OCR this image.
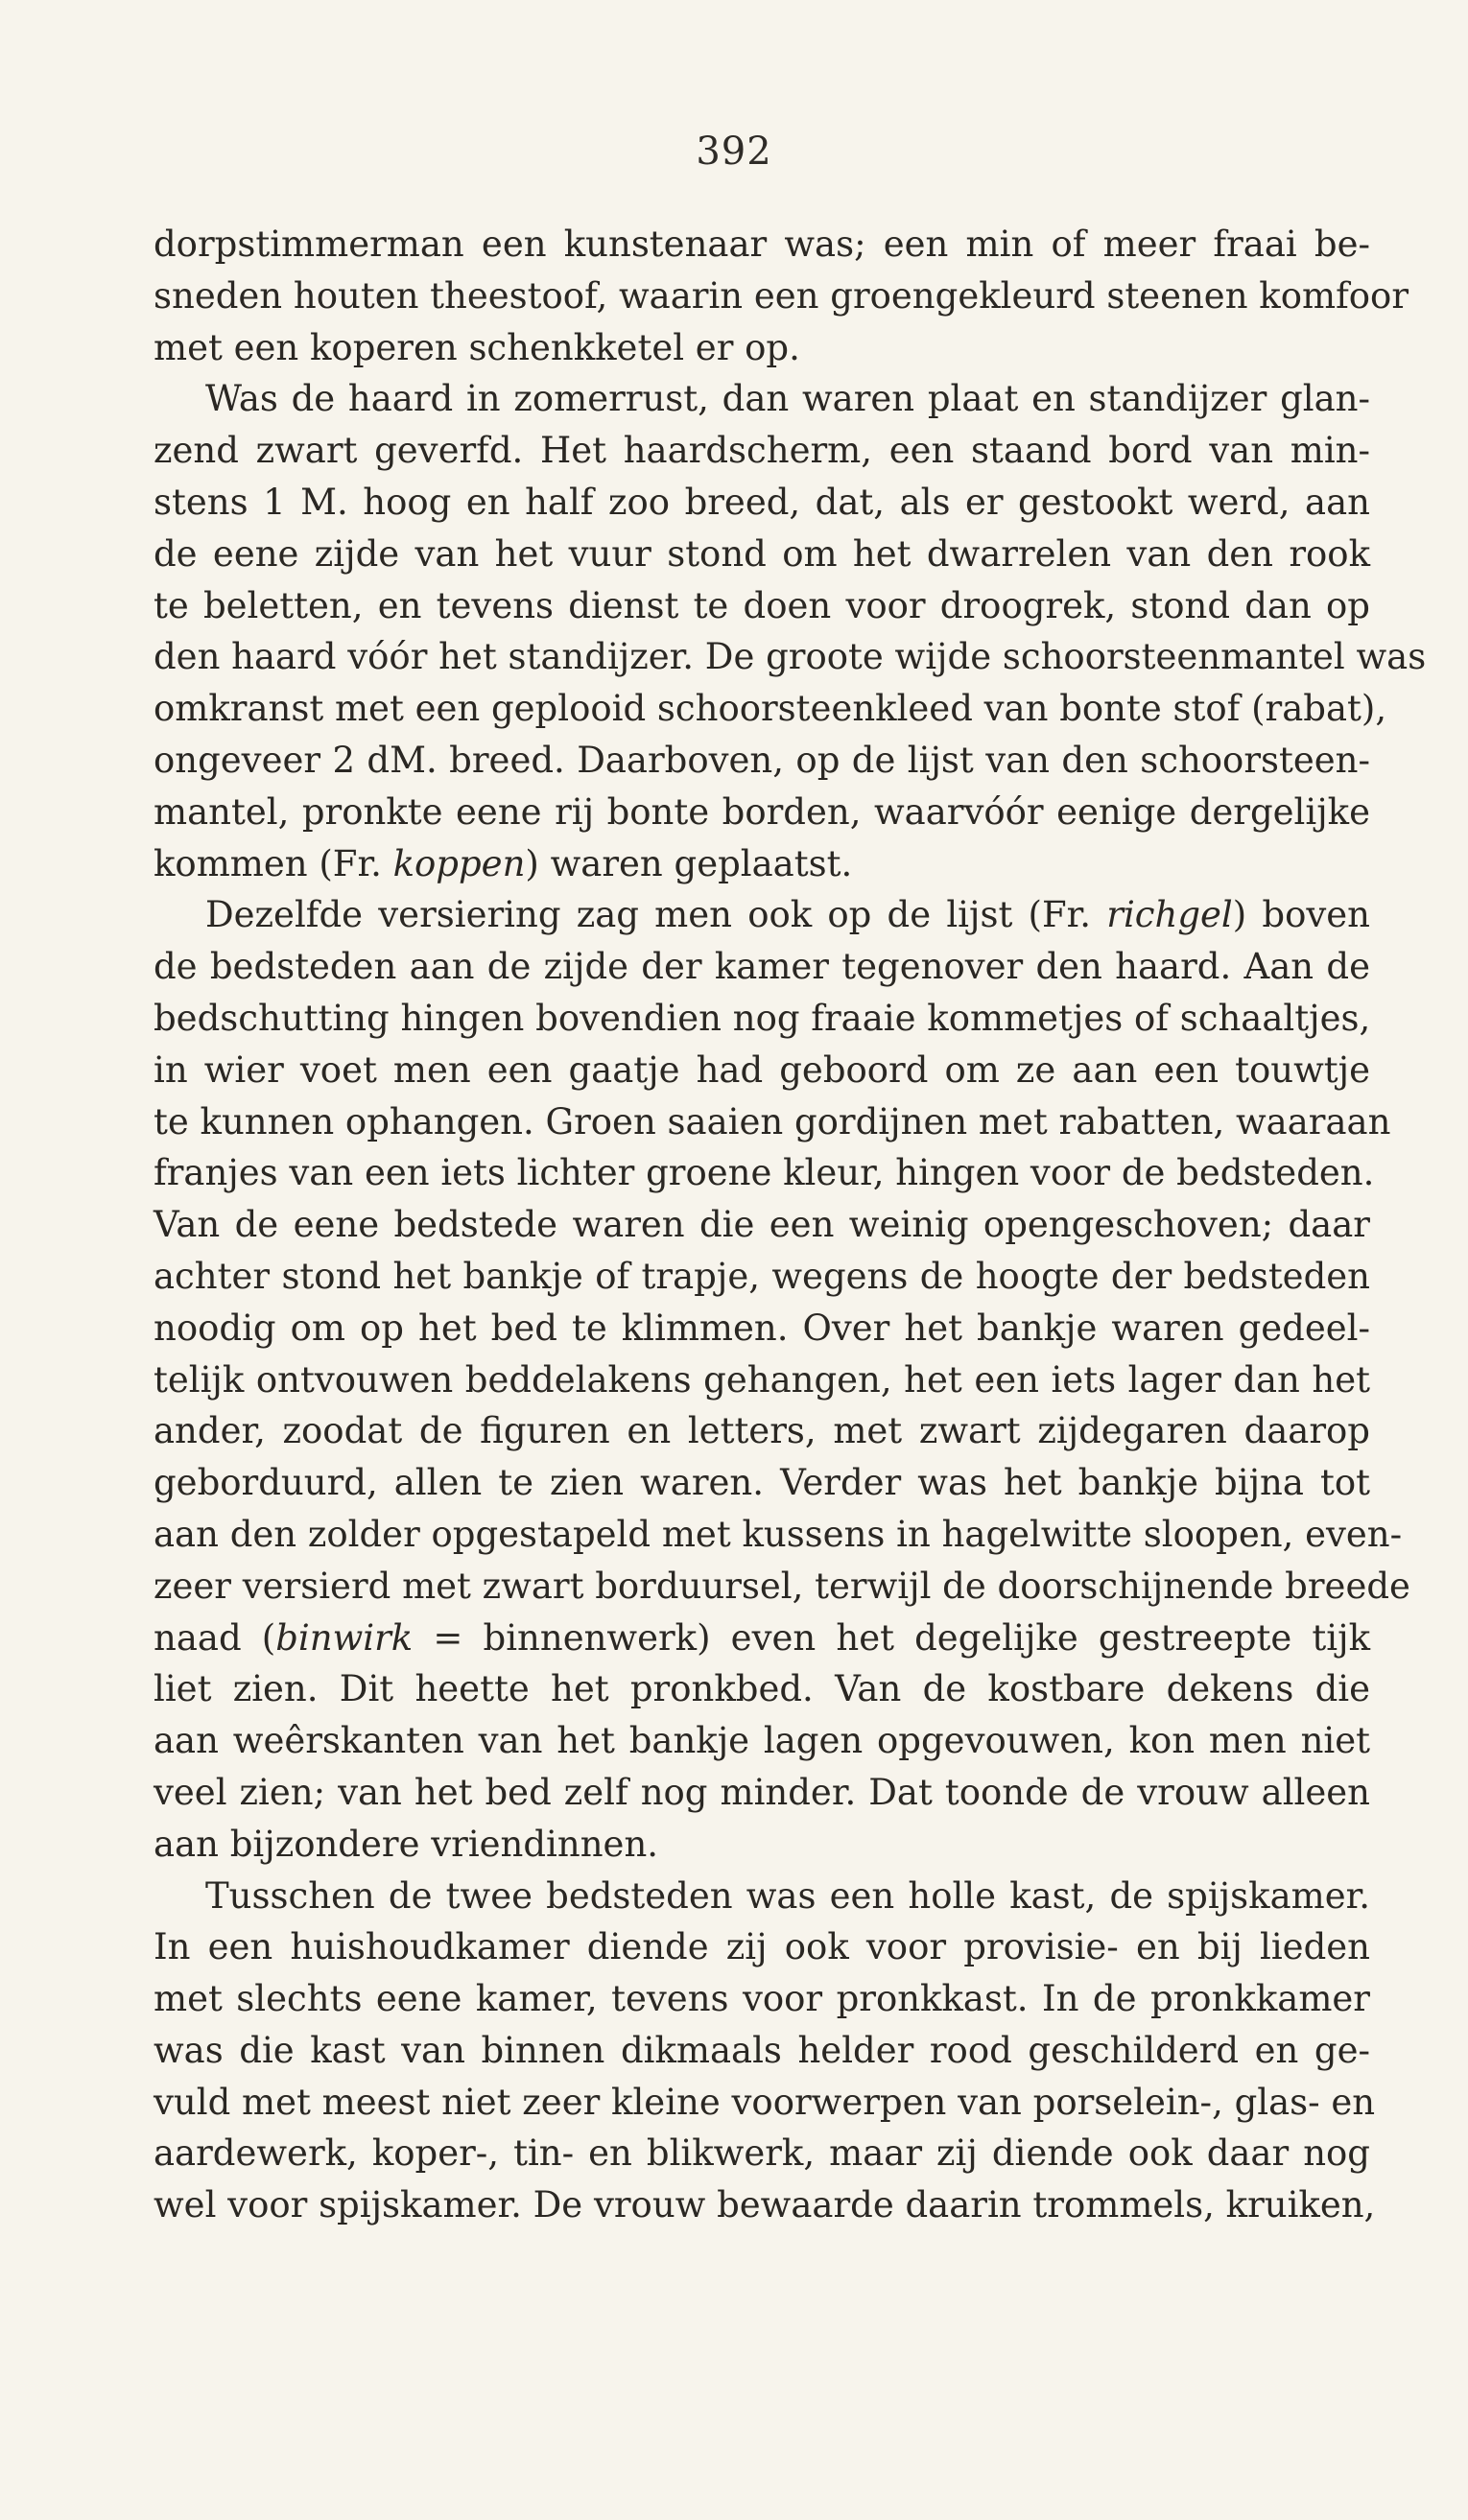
392
dorpstimmerman een kunstenaar was; een min of meer fraai be-
sneden houten theestoof, waarin een groengekleurd steenen komfoor
met een koperen schenkketel er op.
Was de haard in zomerrust, dan waren plaat en standijzer glan-
zend zwart geverfd. Het haardscherm, een staand bord van min-
stens 1 M. hoog en half zoo breed, dat, als er gestookt werd, aan
de eene zijde van het vuur stond om het dwarrelen van den rook
te beletten, en tevens dienst te doen voor droogrek, stond dan op
den haard vóór het standijzer. De groote wijde schoorsteenmantel was
omkranst met een geplooid schoorsteenkleed van bonte stof (rabat),
ongeveer 2 dM. breed. Daarboven, op de lijst van den schoorsteen-
mantel, pronkte eene rij bonte borden, waarvóór eenige dergelijke
kommen (Fr. koppen) waren geplaatst.
Dezelfde versiering zag men ook op de lijst (Fr. richgel) boven
de bedsteden aan de zijde der kamer tegenover den haard. Aan de
bedschutting hingen bovendien nog fraaie kommetjes of schaaltjes,
in wier voet men een gaatje had geboord om ze aan een touwtje
te kunnen ophangen. Groen saaien gordijnen met rabatten, waaraan
franjes van een iets lichter groene kleur, hingen voor de bedsteden.
Van de eene bedstede waren die een weinig opengeschoven; daar
achter stond het bankje of trapje, wegens de hoogte der bedsteden
noodig om op het bed te klimmen. Over het bankje waren gedeel-
telijk ontvouwen beddelakens gehangen, het een iets lager dan het
ander, zoodat de figuren en letters, met zwart zijdegaren daarop
geborduurd, allen te zien waren. Verder was het bankje bijna tot
aan den zolder opgestapeld met kussens in hagelwitte sloopen, even-
zeer versierd met zwart borduursel, terwijl de doorschijnende breede
naad (binwirk = binnenwerk) even het degelijke gestreepte tijk
liet zien. Dit heette het pronkbed. Van de kostbare dekens die
aan weêrskanten van het bankje lagen opgevouwen, kon men niet
veel zien; van het bed zelf nog minder. Dat toonde de vrouw alleen
aan bijzondere vriendinnen.
Tusschen de twee bedsteden was een holle kast, de spijskamer.
In een huishoudkamer diende zij ook voor provisie- en bij lieden
met slechts eene kamer, tevens voor pronkkast. In de pronkkamer
was die kast van binnen dikmaals helder rood geschilderd en ge-
vuld met meest niet zeer kleine voorwerpen van porselein-, glas- en
aardewerk, koper-, tin- en blikwerk, maar zij diende ook daar nog
wel voor spijskamer. De vrouw bewaarde daarin trommels, kruiken,
